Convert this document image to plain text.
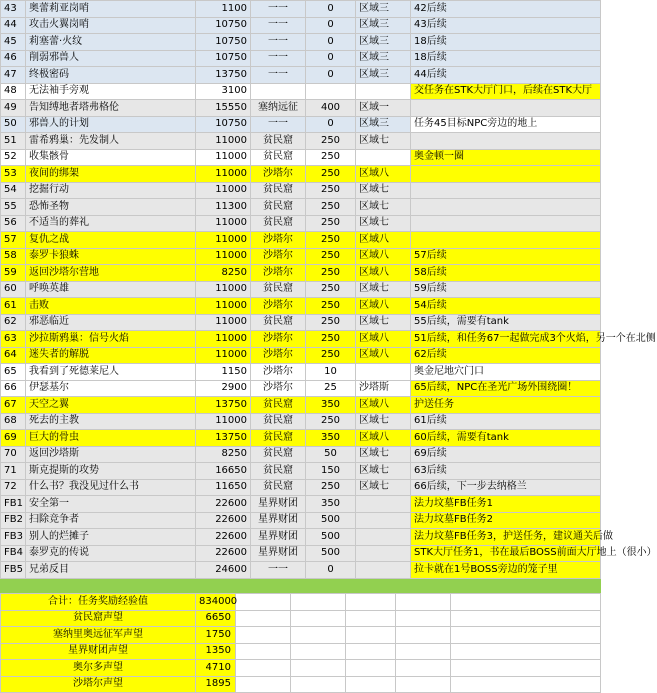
43	奥蕾莉亚岗哨	1100	一一	0	区域三	42后续
44	攻击火翼岗哨	10750	一一	0	区域三	43后续
45	莉塞蕾·火纹	10750	一一	0	区域三	18后续
46	削弱邪兽人	10750	一一	0	区域三	18后续
47	终极密码	13750	一一	0	区域三	44后续
48	无法袖手旁观	3100				交任务在STK大厅门口，后续在STK大厅
49	告知缚地者塔弗格伦	15550	塞纳远征	400	区域一	
50	邪兽人的计划	10750	一一	0	区域三	任务45目标NPC旁边的地上
51	雷希鸦巢：先发制人	11000	贫民窟	250	区域七	
52	收集骸骨	11000	贫民窟	250		奥金顿一圈
53	夜间的绑架	11000	沙塔尔	250	区域八	
54	挖掘行动	11000	贫民窟	250	区域七	
55	恐怖圣物	11300	贫民窟	250	区域七	
56	不适当的葬礼	11000	贫民窟	250	区域七	
57	复仇之战	11000	沙塔尔	250	区域八	
58	泰罗卡狼蛛	11000	沙塔尔	250	区域八	57后续
59	返回沙塔尔营地	8250	沙塔尔	250	区域八	58后续
60	呼唤英雄	11000	贫民窟	250	区域七	59后续
61	击败	11000	沙塔尔	250	区域八	54后续
62	邪恶临近	11000	贫民窟	250	区域七	55后续，需要有tank
63	沙拉斯鸦巢：信号火焰	11000	沙塔尔	250	区域八	51后续，和任务67一起做完成3个火焰，另一个在北侧
64	迷失者的解脱	11000	沙塔尔	250	区域八	62后续
65	我看到了死德莱尼人	1150	沙塔尔	10		奥金尼地穴门口
66	伊瑟基尔	2900	沙塔尔	25	沙塔斯	65后续，NPC在圣光广场外围绕圈！
67	天空之翼	13750	贫民窟	350	区域八	护送任务
68	死去的主教	11000	贫民窟	250	区域七	61后续
69	巨大的骨虫	13750	贫民窟	350	区域八	60后续，需要有tank
70	返回沙塔斯	8250	贫民窟	50	区域七	69后续
71	斯克提斯的攻势	16650	贫民窟	150	区域七	63后续
72	什么书？我没见过什么书	11650	贫民窟	250	区域七	66后续，下一步去纳格兰
FB1	安全第一	22600	星界财团	350		法力坟墓FB任务1
FB2	扫除竞争者	22600	星界财团	500		法力坟墓FB任务2
FB3	别人的烂摊子	22600	星界财团	500		法力坟墓FB任务3，护送任务，建议通关后做
FB4	泰罗克的传说	22600	星界财团	500		STK大厅任务1，书在最后BOSS前面大厅地上（很小）
FB5	兄弟反目	24600	一一	0		拉卡就在1号BOSS旁边的笼子里

合计：任务奖励经验值	834000					
贫民窟声望	6650					
塞纳里奥远征军声望	1750					
星界财团声望	1350					
奥尔多声望	4710					
沙塔尔声望	1895					
